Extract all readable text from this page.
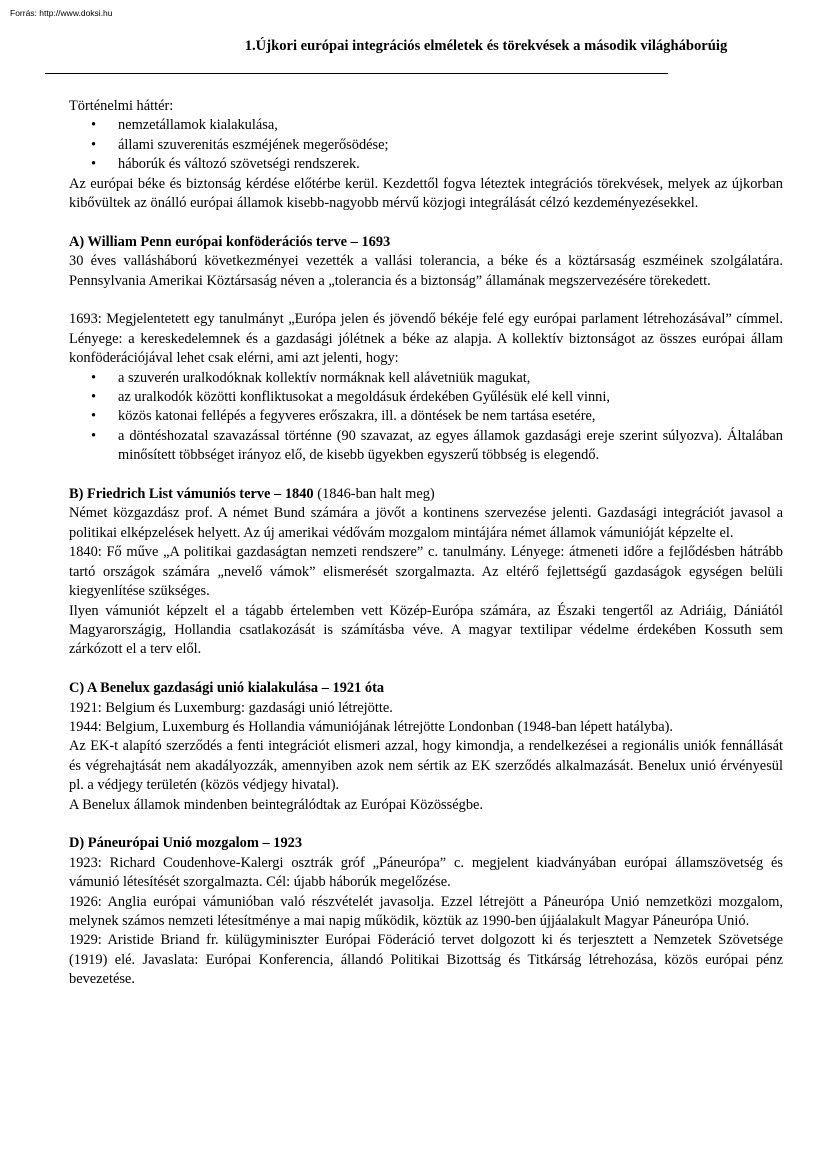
Forrás: http://www.doksi.hu
1.Újkori európai integrációs elméletek és törekvések a második világháborúig

Történelmi háttér:

• nemzetállamok kialakulása,
• állami szuverenitás eszméjének megerősödése;
• háborúk és változó szövetségi rendszerek.

Az európai béke és biztonság kérdése előtérbe kerül. Kezdettől fogva léteztek integrációs törekvések, melyek az újkorban kibővültek az önálló európai államok kisebb-nagyobb mérvű közjogi integrálását célzó kezdeményezésekkel.

A) William Penn európai konföderációs terve – 1693

30 éves vallásháború következményei vezették a vallási tolerancia, a béke és a köztársaság eszméinek szolgálatára. Pennsylvania Amerikai Köztársaság néven a „tolerancia és a biztonság” államának megszervezésére törekedett.

1693: Megjelentetett egy tanulmányt „Európa jelen és jövendő békéje felé egy európai parlament létrehozásával” címmel. Lényege: a kereskedelemnek és a gazdasági jólétnek a béke az alapja. A kollektív biztonságot az összes európai állam konföderációjával lehet csak elérni, ami azt jelenti, hogy:

• a szuverén uralkodóknak kollektív normáknak kell alávetniük magukat,
• az uralkodók közötti konfliktusokat a megoldásuk érdekében Gyűlésük elé kell vinni,
• közös katonai fellépés a fegyveres erőszakra, ill. a döntések be nem tartása esetére,
• a döntéshozatal szavazással történne (90 szavazat, az egyes államok gazdasági ereje szerint súlyozva). Általában minősített többséget irányoz elő, de kisebb ügyekben egyszerű többség is elegendő.

B) Friedrich List vámuniós terve – 1840 (1846-ban halt meg)

Német közgazdász prof. A német Bund számára a jövőt a kontinens szervezése jelenti. Gazdasági integrációt javasol a politikai elképzelések helyett. Az új amerikai védővám mozgalom mintájára német államok vámunióját képzelte el.

1840: Fő műve „A politikai gazdaságtan nemzeti rendszere” c. tanulmány. Lényege: átmeneti időre a fejlődésben hátrább tartó országok számára „nevelő vámok” elismerését szorgalmazta. Az eltérő fejlettségű gazdaságok egységen belüli kiegyenlítése szükséges.

Ilyen vámuniót képzelt el a tágabb értelemben vett Közép-Európa számára, az Északi tengertől az Adriáig, Dániától Magyarországig, Hollandia csatlakozását is számításba véve. A magyar textilipar védelme érdekében Kossuth sem zárkózott el a terv elől.

C) A Benelux gazdasági unió kialakulása – 1921 óta

1921: Belgium és Luxemburg: gazdasági unió létrejötte.

1944: Belgium, Luxemburg és Hollandia vámuniójának létrejötte Londonban (1948-ban lépett hatályba).

Az EK-t alapító szerződés a fenti integrációt elismeri azzal, hogy kimondja, a rendelkezései a regionális uniók fennállását és végrehajtását nem akadályozzák, amennyiben azok nem sértik az EK szerződés alkalmazását. Benelux unió érvényesül pl. a védjegy területén (közös védjegy hivatal).

A Benelux államok mindenben beintegrálódtak az Európai Közösségbe.

D) Páneurópai Unió mozgalom – 1923

1923: Richard Coudenhove-Kalergi osztrák gróf „Páneurópa” c. megjelent kiadványában európai államszövetség és vámunió létesítését szorgalmazta. Cél: újabb háborúk megelőzése.

1926: Anglia európai vámunióban való részvételét javasolja. Ezzel létrejött a Páneurópa Unió nemzetközi mozgalom, melynek számos nemzeti létesítménye a mai napig működik, köztük az 1990-ben újjáalakult Magyar Páneurópa Unió.

1929: Aristide Briand fr. külügyminiszter Európai Föderáció tervet dolgozott ki és terjesztett a Nemzetek Szövetsége (1919) elé. Javaslata: Európai Konferencia, állandó Politikai Bizottság és Titkárság létrehozása, közös európai pénz bevezetése.
